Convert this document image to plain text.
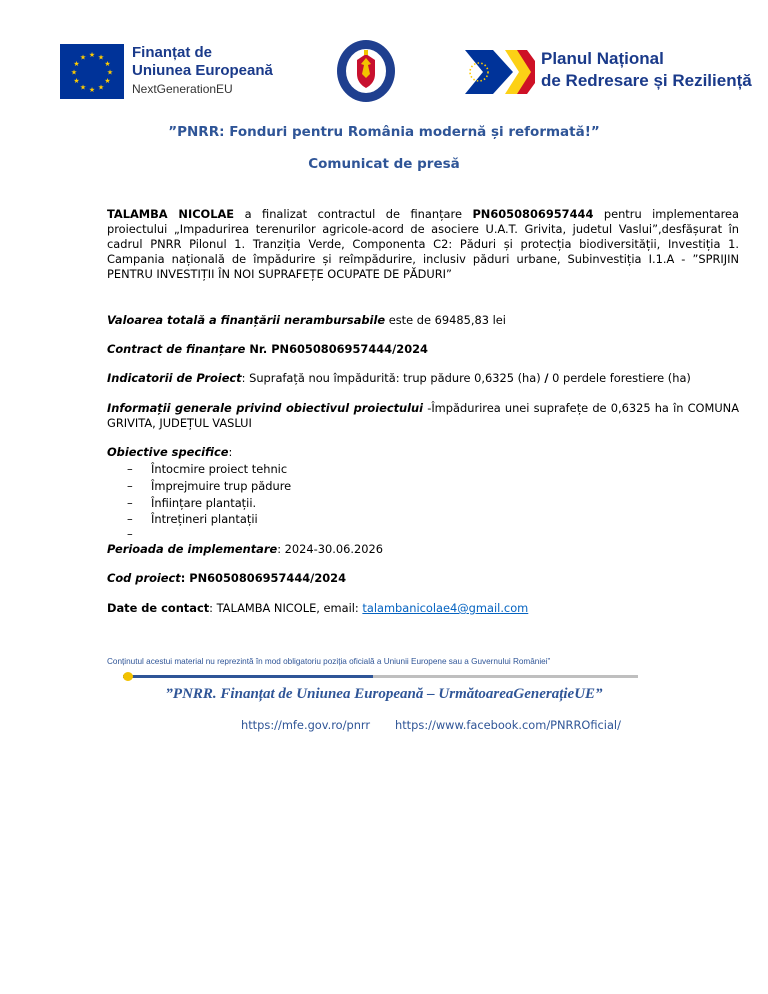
★ ★
★
★
★
★
★
★
★
★
★
★	Finanțat de
Uniunea Europeană
NextGenerationEU
Planul Național
de Redresare și Reziliență
”PNRR: Fonduri pentru România modernă și reformată!”
Comunicat de presă
TALAMBA NICOLAE a finalizat contractul de finanțare PN6050806957444 pentru implementarea proiectului „Impadurirea terenurilor agricole-acord de asociere U.A.T. Grivita, judetul Vaslui”,desfășurat în cadrul PNRR Pilonul 1. Tranziția Verde, Componenta C2: Păduri și protecția biodiversității, Investiția 1. Campania națională de împădurire și reîmpădurire, inclusiv păduri urbane, Subinvestiția I.1.A - ”SPRIJIN PENTRU INVESTIȚII ÎN NOI SUPRAFEȚE OCUPATE DE PĂDURI”
Valoarea totală a finanțării nerambursabile este de 69485,83 lei
Contract de finanțare Nr. PN6050806957444/2024
Indicatorii de Proiect: Suprafață nou împădurită: trup pădure 0,6325 (ha) / 0 perdele forestiere (ha)
Informații generale privind obiectivul proiectului -Împădurirea unei suprafețe de 0,6325 ha în COMUNA GRIVITA, JUDEȚUL VASLUI
Obiective specifice:
– Întocmire proiect tehnic
– Împrejmuire trup pădure
– Înființare plantații.
– Întrețineri plantații
–
Perioada de implementare: 2024-30.06.2026
Cod proiect: PN6050806957444/2024
Date de contact: TALAMBA NICOLE, email: talambanicolae4@gmail.com
Conținutul acestui material nu reprezintă în mod obligatoriu poziția oficială a Uniunii Europene sau a Guvernului României”
”PNRR. Finanțat de Uniunea Europeană – UrmătoareaGenerațieUE”
https://mfe.gov.ro/pnrr https://www.facebook.com/PNRROficial/
